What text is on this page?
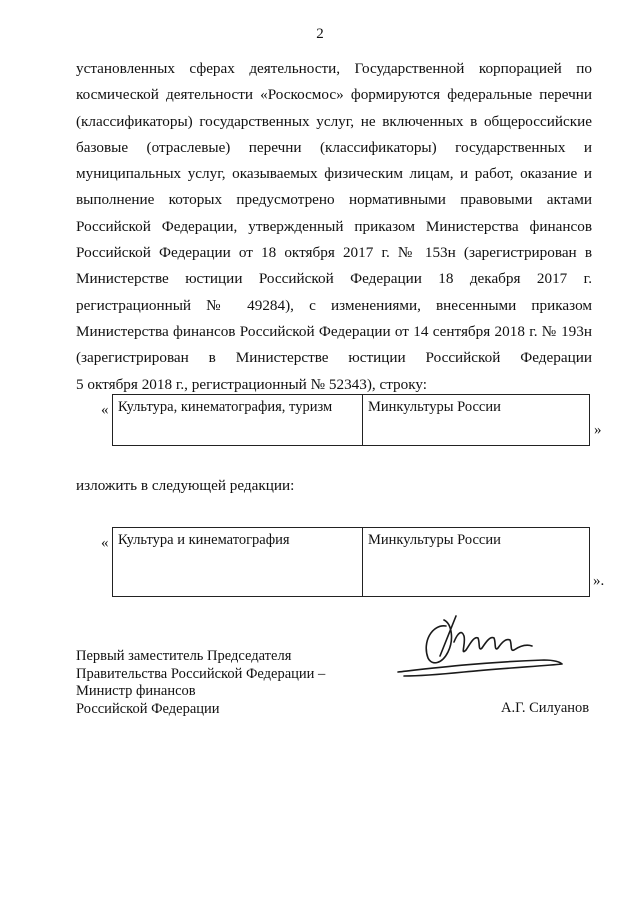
2
установленных сферах деятельности, Государственной корпорацией по
космической деятельности «Роскосмос» формируются федеральные перечни
(классификаторы) государственных услуг, не включенных в общероссийские
базовые (отраслевые) перечни (классификаторы) государственных и
муниципальных услуг, оказываемых физическим лицам, и работ, оказание и
выполнение которых предусмотрено нормативными правовыми актами
Российской Федерации, утвержденный приказом Министерства финансов
Российской Федерации от 18 октября 2017 г. № 153н (зарегистрирован в
Министерстве юстиции Российской Федерации 18 декабря 2017 г.
регистрационный № 49284), с изменениями, внесенными приказом
Министерства финансов Российской Федерации от 14 сентября 2018 г. № 193н
(зарегистрирован в Министерстве юстиции Российской Федерации
5 октября 2018 г., регистрационный № 52343), строку:
« Культура, кинематография, туризм	Минкультуры России
»
изложить в следующей редакции:
« Культура и кинематография	Минкультуры России
».
Первый заместитель Председателя
Правительства Российской Федерации –
Министр финансов
Российской Федерации	А.Г. Силуанов
